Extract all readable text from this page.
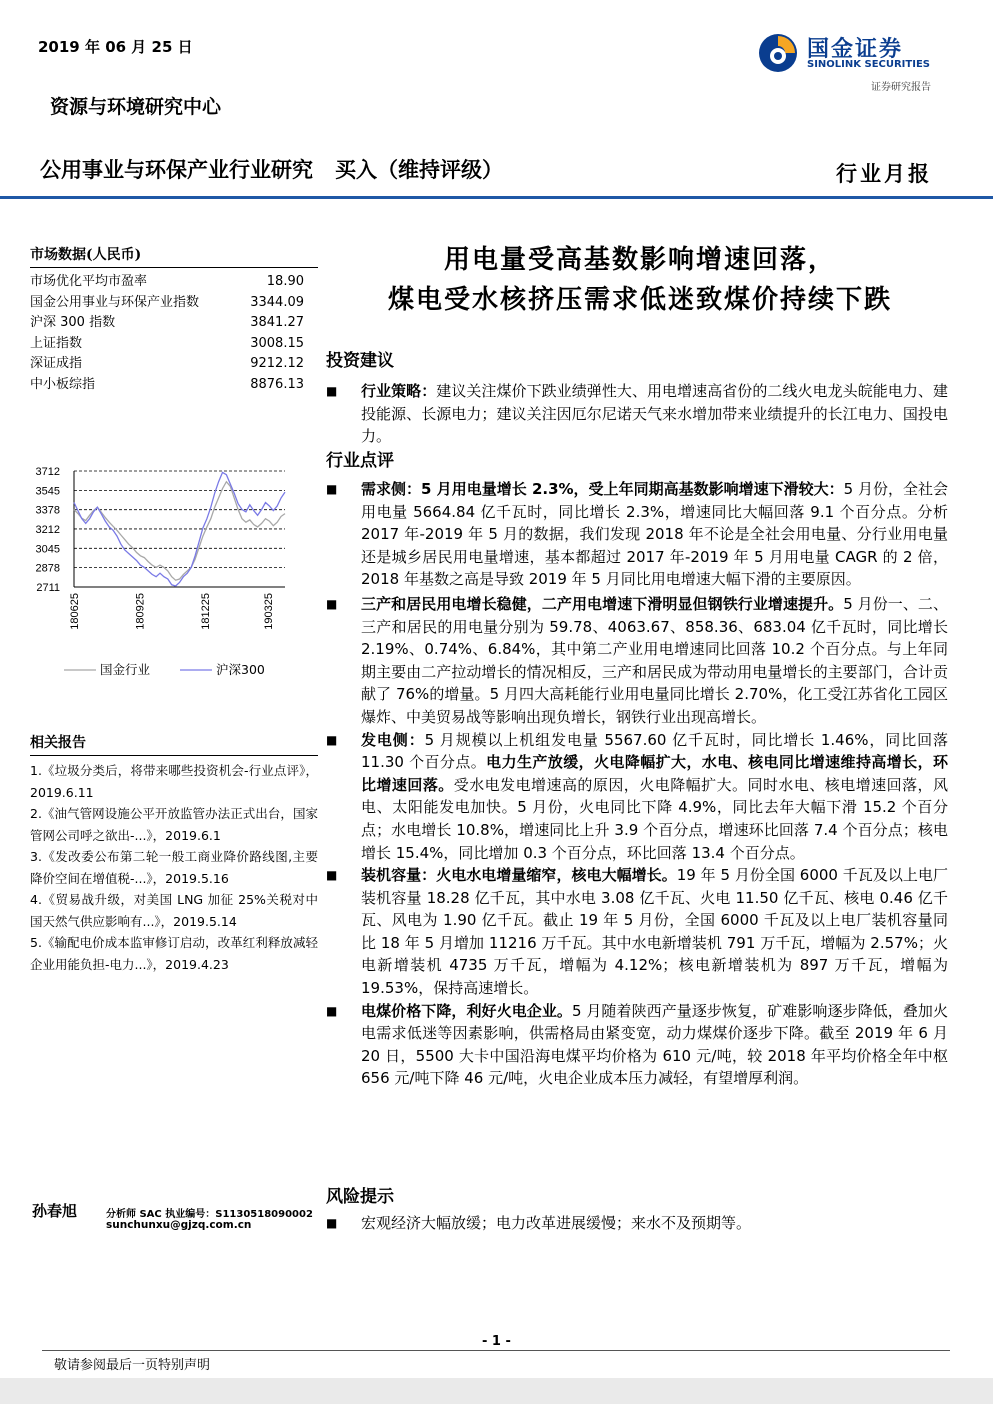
2019 年 06 月 25 日	国金证券
SINOLINK SECURITIES
证券研究报告
资源与环境研究中心
公用事业与环保产业行业研究 买入（维持评级）	行业月报
市场数据(人民币)
市场优化平均市盈率	18.90
国金公用事业与环保产业指数	3344.09
沪深 300 指数	3841.27
上证指数	3008.15
深证成指	9212.12
中小板综指	8876.13
3712
3545
3378
3212
3045
2878
2711
180625	180925	181225	190325
国金行业	沪深300
相关报告
1.《垃圾分类后，将带来哪些投资机会-行业点评》，2019.6.11
2.《油气管网设施公平开放监管办法正式出台，国家管网公司呼之欲出-...》，2019.6.1
3.《发改委公布第二轮一般工商业降价路线图,主要降价空间在增值税-...》，2019.5.16
4.《贸易战升级，对美国 LNG 加征 25%关税对中国天然气供应影响有...》，2019.5.14
5.《输配电价成本监审修订启动，改革红利释放减轻企业用能负担-电力...》，2019.4.23
孙春旭	分析师 SAC 执业编号：S1130518090002
sunchunxu@gjzq.com.cn
用电量受高基数影响增速回落，
煤电受水核挤压需求低迷致煤价持续下跌
投资建议
■ 行业策略：建议关注煤价下跌业绩弹性大、用电增速高省份的二线火电龙头皖能电力、建投能源、长源电力；建议关注因厄尔尼诺天气来水增加带来业绩提升的长江电力、国投电力。
行业点评
■ 需求侧：5 月用电量增长 2.3%，受上年同期高基数影响增速下滑较大：5 月份，全社会用电量 5664.84 亿千瓦时，同比增长 2.3%，增速同比大幅回落 9.1 个百分点。分析 2017 年-2019 年 5 月的数据，我们发现 2018 年不论是全社会用电量、分行业用电量还是城乡居民用电量增速，基本都超过 2017 年-2019 年 5 月用电量 CAGR 的 2 倍，2018 年基数之高是导致 2019 年 5 月同比用电增速大幅下滑的主要原因。
■ 三产和居民用电增长稳健，二产用电增速下滑明显但钢铁行业增速提升。5 月份一、二、三产和居民的用电量分别为 59.78、4063.67、858.36、683.04 亿千瓦时，同比增长 2.19%、0.74%、6.84%，其中第二产业用电增速同比回落 10.2 个百分点。与上年同期主要由二产拉动增长的情况相反，三产和居民成为带动用电量增长的主要部门，合计贡献了 76%的增量。5 月四大高耗能行业用电量同比增长 2.70%，化工受江苏省化工园区爆炸、中美贸易战等影响出现负增长，钢铁行业出现高增长。
■ 发电侧：5 月规模以上机组发电量 5567.60 亿千瓦时，同比增长 1.46%，同比回落 11.30 个百分点。电力生产放缓，火电降幅扩大，水电、核电同比增速维持高增长，环比增速回落。受水电发电增速高的原因，火电降幅扩大。同时水电、核电增速回落，风电、太阳能发电加快。5 月份，火电同比下降 4.9%，同比去年大幅下滑 15.2 个百分点；水电增长 10.8%，增速同比上升 3.9 个百分点，增速环比回落 7.4 个百分点；核电增长 15.4%，同比增加 0.3 个百分点，环比回落 13.4 个百分点。
■ 装机容量：火电水电增量缩窄，核电大幅增长。19 年 5 月份全国 6000 千瓦及以上电厂装机容量 18.28 亿千瓦，其中水电 3.08 亿千瓦、火电 11.50 亿千瓦、核电 0.46 亿千瓦、风电为 1.90 亿千瓦。截止 19 年 5 月份，全国 6000 千瓦及以上电厂装机容量同比 18 年 5 月增加 11216 万千瓦。其中水电新增装机 791 万千瓦，增幅为 2.57%；火电新增装机 4735 万千瓦，增幅为 4.12%；核电新增装机为 897 万千瓦，增幅为 19.53%，保持高速增长。
■ 电煤价格下降，利好火电企业。5 月随着陕西产量逐步恢复，矿难影响逐步降低，叠加火电需求低迷等因素影响，供需格局由紧变宽，动力煤煤价逐步下降。截至 2019 年 6 月 20 日，5500 大卡中国沿海电煤平均价格为 610 元/吨，较 2018 年平均价格全年中枢 656 元/吨下降 46 元/吨，火电企业成本压力减轻，有望增厚利润。
风险提示
■ 宏观经济大幅放缓；电力改革进展缓慢；来水不及预期等。
- 1 -
敬请参阅最后一页特别声明
